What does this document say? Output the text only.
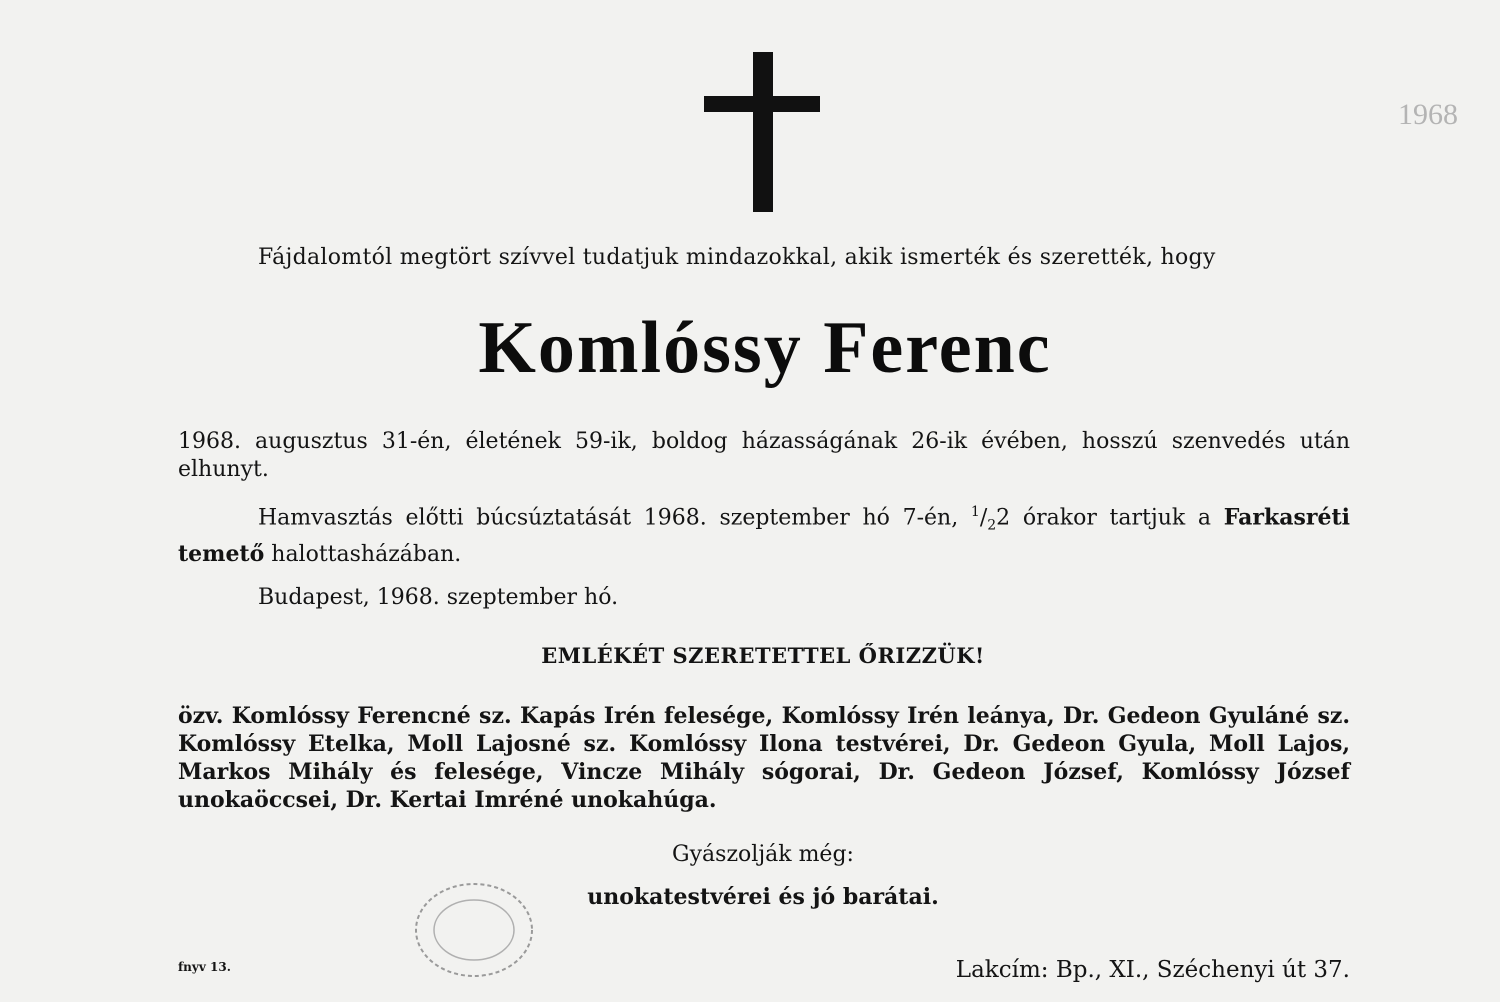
1968
Fájdalomtól megtört szívvel tudatjuk mindazokkal, akik ismerték és szerették, hogy
Komlóssy Ferenc
1968. augusztus 31-én, életének 59-ik, boldog házasságának 26-ik évében, hosszú szenvedés után elhunyt.
Hamvasztás előtti búcsúztatását 1968. szeptember hó 7-én, $^1/_22$ órakor tartjuk a Farkasréti temető halottasházában.
Budapest, 1968. szeptember hó.
EMLÉKÉT SZERETETTEL ŐRIZZÜK!
özv. Komlóssy Ferencné sz. Kapás Irén felesége, Komlóssy Irén leánya, Dr. Gedeon Gyuláné sz. Komlóssy Etelka, Moll Lajosné sz. Komlóssy Ilona testvérei, Dr. Gedeon Gyula, Moll Lajos, Markos Mihály és felesége, Vincze Mihály sógorai, Dr. Gedeon József, Komlóssy József unokaöccsei, Dr. Kertai Imréné unokahúga.
Gyászolják még:
unokatestvérei és jó barátai.
fnyv 13.	Lakcím: Bp., XI., Széchenyi út 37.
